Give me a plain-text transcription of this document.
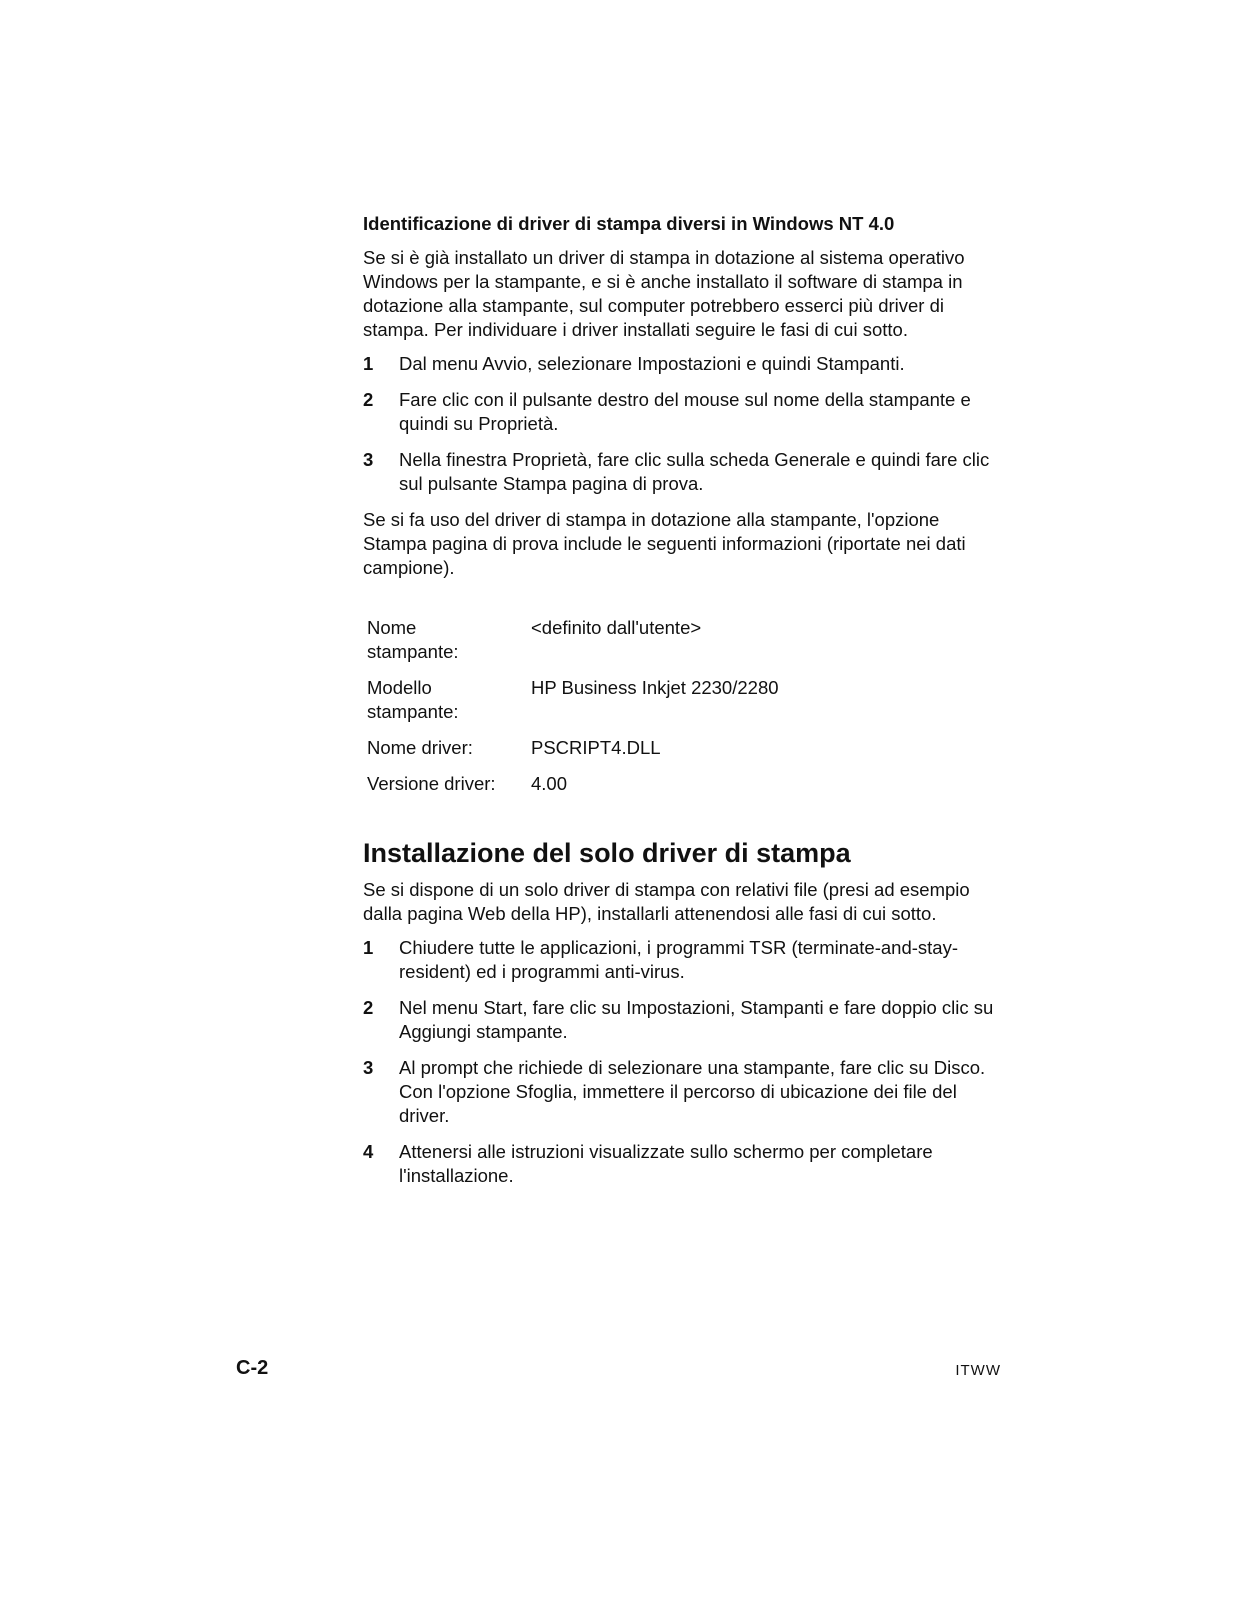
Identificazione di driver di stampa diversi in Windows NT 4.0

Se si è già installato un driver di stampa in dotazione al sistema operativo Windows per la stampante, e si è anche installato il software di stampa in dotazione alla stampante, sul computer potrebbero esserci più driver di stampa. Per individuare i driver installati seguire le fasi di cui sotto.

1	Dal menu Avvio, selezionare Impostazioni e quindi Stampanti.
2	Fare clic con il pulsante destro del mouse sul nome della stampante e quindi su Proprietà.
3	Nella finestra Proprietà, fare clic sulla scheda Generale e quindi fare clic sul pulsante Stampa pagina di prova.

Se si fa uso del driver di stampa in dotazione alla stampante, l'opzione Stampa pagina di prova include le seguenti informazioni (riportate nei dati campione).

Nome stampante:	<definito dall'utente>
Modello stampante:	HP Business Inkjet 2230/2280
Nome driver:	PSCRIPT4.DLL
Versione driver:	4.00
Installazione del solo driver di stampa

Se si dispone di un solo driver di stampa con relativi file (presi ad esempio dalla pagina Web della HP), installarli attenendosi alle fasi di cui sotto.

1	Chiudere tutte le applicazioni, i programmi TSR (terminate-and-stay-resident) ed i programmi anti-virus.
2	Nel menu Start, fare clic su Impostazioni, Stampanti e fare doppio clic su Aggiungi stampante.
3	Al prompt che richiede di selezionare una stampante, fare clic su Disco. Con l'opzione Sfoglia, immettere il percorso di ubicazione dei file del driver.
4	Attenersi alle istruzioni visualizzate sullo schermo per completare l'installazione.
C-2	ITWW
